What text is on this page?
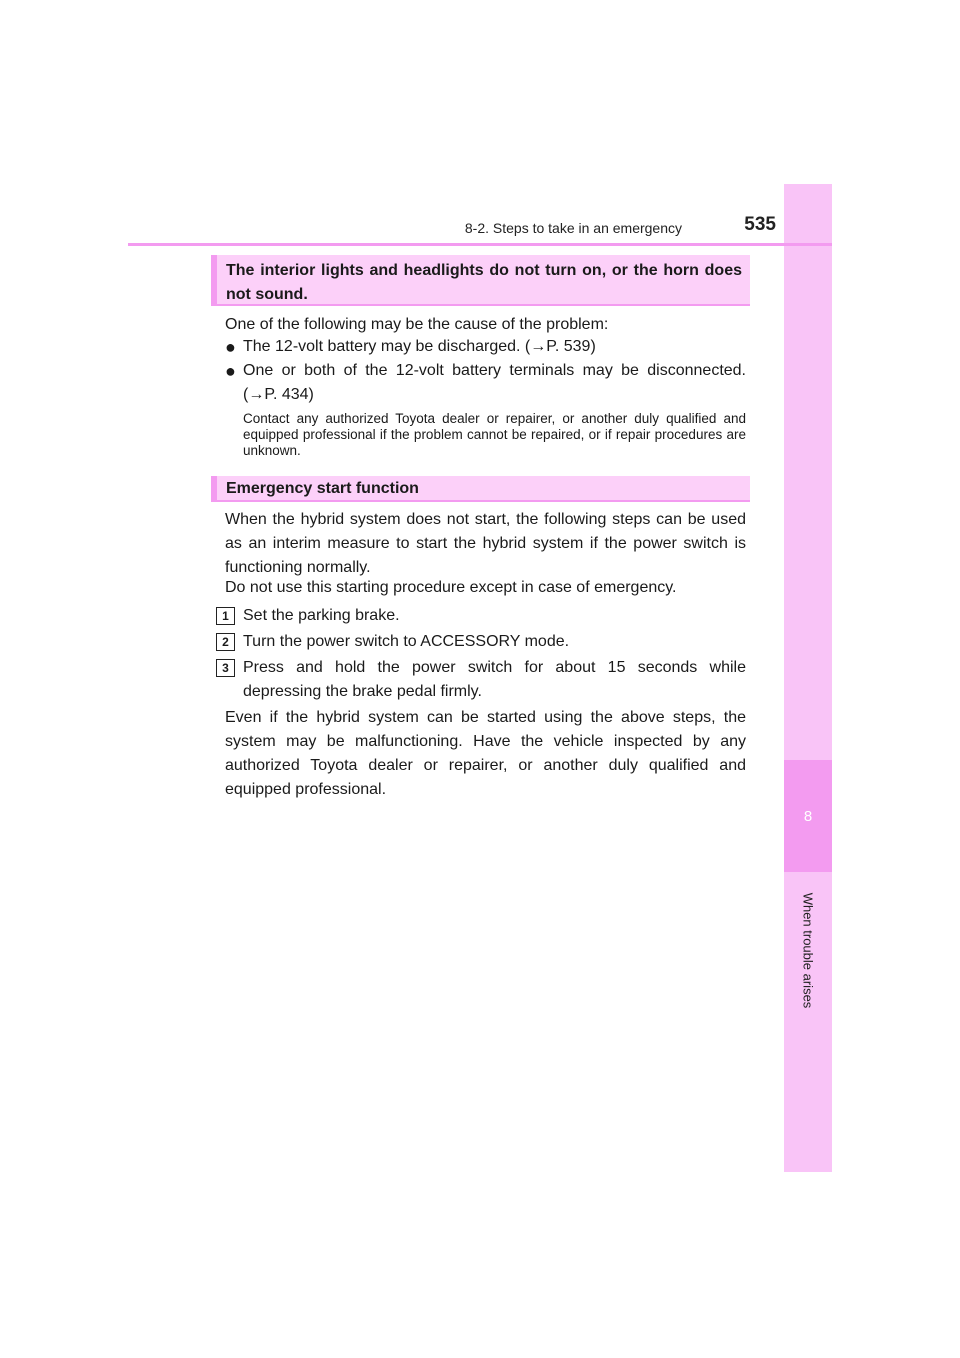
8
When trouble arises
8-2. Steps to take in an emergency	535
The interior lights and headlights do not turn on, or the horn does not sound.

One of the following may be the cause of the problem:

● The 12-volt battery may be discharged. (→P. 539)
● One or both of the 12-volt battery terminals may be disconnected. (→P. 434)
Contact any authorized Toyota dealer or repairer, or another duly qualified and equipped professional if the problem cannot be repaired, or if repair procedures are unknown.
Emergency start function

When the hybrid system does not start, the following steps can be used as an interim measure to start the hybrid system if the power switch is functioning normally.

Do not use this starting procedure except in case of emergency.

1 Set the parking brake.
2 Turn the power switch to ACCESSORY mode.
3 Press and hold the power switch for about 15 seconds while depressing the brake pedal firmly.

Even if the hybrid system can be started using the above steps, the system may be malfunctioning. Have the vehicle inspected by any authorized Toyota dealer or repairer, or another duly qualified and equipped professional.
